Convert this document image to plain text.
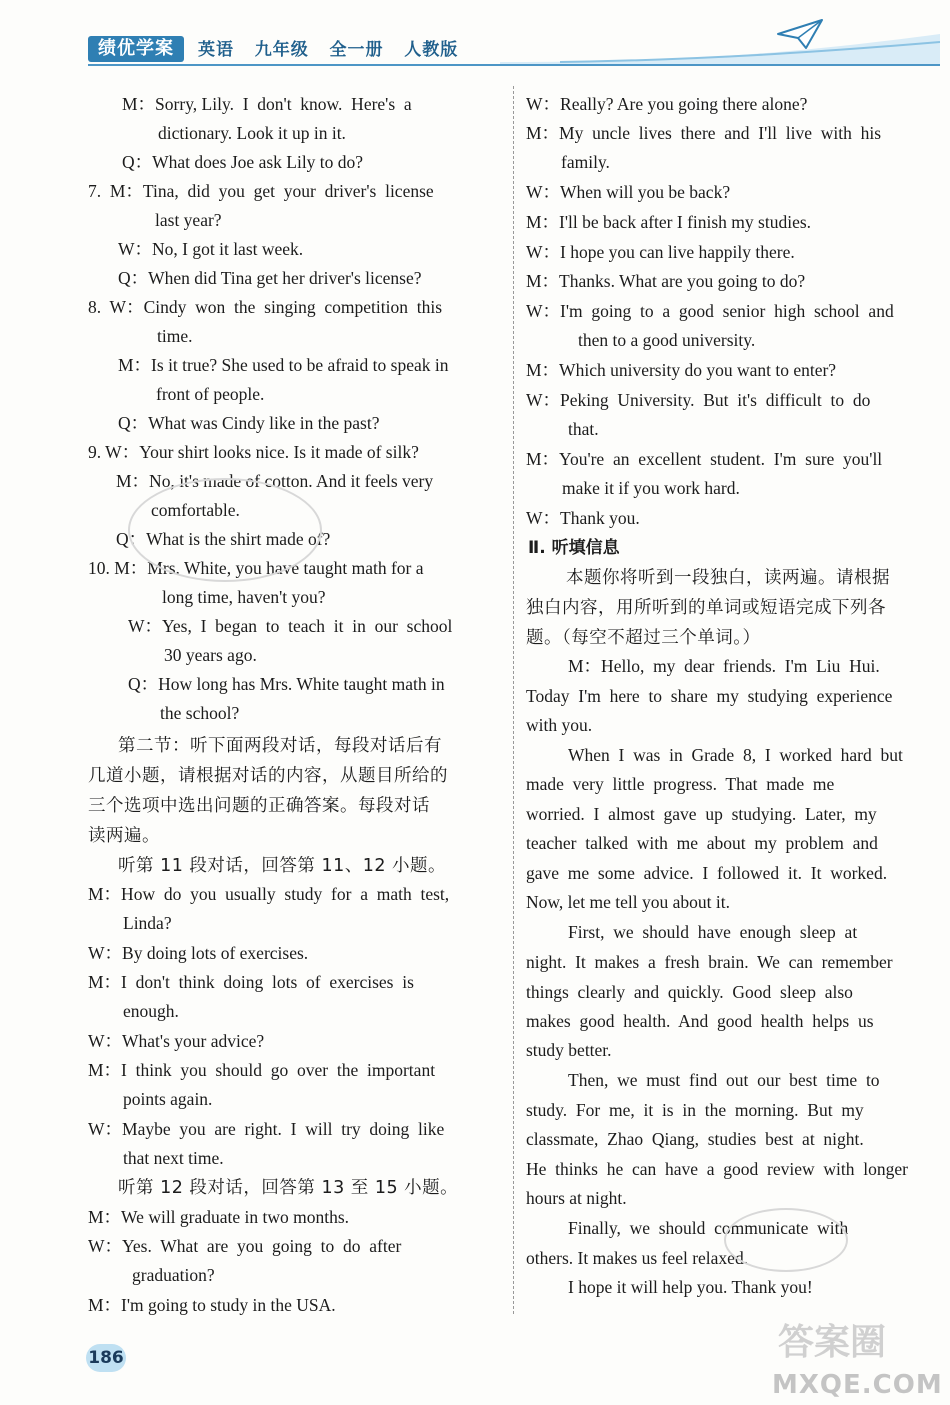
绩优学案	英语   九年级   全一册   人教版
M：Sorry, Lily.  I  don't  know.  Here's  a
dictionary. Look it up in it.
Q：What does Joe ask Lily to do?
7.  M：Tina,  did  you  get  your  driver's  license
last year?
W：No, I got it last week.
Q：When did Tina get her driver's license?
8.  W：Cindy  won  the  singing  competition  this
time.
M：Is it true? She used to be afraid to speak in
front of people.
Q：What was Cindy like in the past?
9. W：Your shirt looks nice. Is it made of silk?
M：No, it's made of cotton. And it feels very
comfortable.
Q：What is the shirt made of?
10. M：Mrs. White, you have taught math for a
long time, haven't you?
W：Yes,  I  began  to  teach  it  in  our  school
30 years ago.
Q：How long has Mrs. White taught math in
the school?
第二节：听下面两段对话，每段对话后有
几道小题，请根据对话的内容，从题目所给的
三个选项中选出问题的正确答案。每段对话
读两遍。
听第 11 段对话，回答第 11、12 小题。
M：How  do  you  usually  study  for  a  math  test,
Linda?
W：By doing lots of exercises.
M：I  don't  think  doing  lots  of  exercises  is
enough.
W：What's your advice?
M：I  think  you  should  go  over  the  important
points again.
W：Maybe  you  are  right.  I  will  try  doing  like
that next time.
听第 12 段对话，回答第 13 至 15 小题。
M：We will graduate in two months.
W：Yes.  What  are  you  going  to  do  after
graduation?
M：I'm going to study in the USA.
W：Really? Are you going there alone?
M：My  uncle  lives  there  and  I'll  live  with  his
family.
W：When will you be back?
M：I'll be back after I finish my studies.
W：I hope you can live happily there.
M：Thanks. What are you going to do?
W：I'm  going  to  a  good  senior  high  school  and
then to a good university.
M：Which university do you want to enter?
W：Peking  University.  But  it's  difficult  to  do
that.
M：You're  an  excellent  student.  I'm  sure  you'll
make it if you work hard.
W：Thank you.
Ⅱ. 听填信息
本题你将听到一段独白，读两遍。请根据
独白内容，用所听到的单词或短语完成下列各
题。（每空不超过三个单词。）
M：Hello,  my  dear  friends.  I'm  Liu  Hui.
Today  I'm  here  to  share  my  studying  experience
with you.
When  I  was  in  Grade  8,  I  worked  hard  but
made  very  little  progress.  That  made  me
worried.  I  almost  gave  up  studying.  Later,  my
teacher  talked  with  me  about  my  problem  and
gave  me  some  advice.  I  followed  it.  It  worked.
Now, let me tell you about it.
First,  we  should  have  enough  sleep  at
night.  It  makes  a  fresh  brain.  We  can  remember
things  clearly  and  quickly.  Good  sleep  also
makes  good  health.  And  good  health  helps  us
study better.
Then,  we  must  find  out  our  best  time  to
study.  For  me,  it  is  in  the  morning.  But  my
classmate,  Zhao  Qiang,  studies  best  at  night.
He  thinks  he  can  have  a  good  review  with  longer
hours at night.
Finally,  we  should  communicate  with
others. It makes us feel relaxed.
I hope it will help you. Thank you!
186	答案圈
MXQE.COM
